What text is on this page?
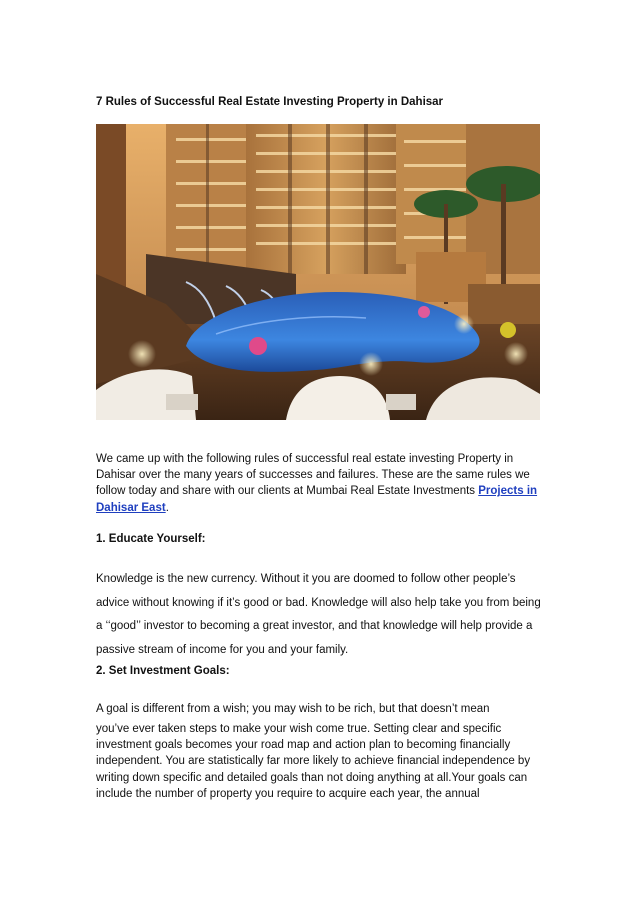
7 Rules of Successful Real Estate Investing Property in Dahisar
We came up with the following rules of successful real estate investing Property in Dahisar over the many years of successes and failures. These are the same rules we follow today and share with our clients at Mumbai Real Estate Investments Projects in Dahisar East.
1. Educate Yourself:
Knowledge is the new currency. Without it you are doomed to follow other people’s advice without knowing if it’s good or bad. Knowledge will also help take you from being a ‘‘good’’ investor to becoming a great investor, and that knowledge will help provide a passive stream of income for you and your family.
2. Set Investment Goals:
A goal is different from a wish; you may wish to be rich, but that doesn’t mean
you’ve ever taken steps to make your wish come true. Setting clear and specific investment goals becomes your road map and action plan to becoming financially independent. You are statistically far more likely to achieve financial independence by writing down specific and detailed goals than not doing anything at all.Your goals can include the number of property you require to acquire each year, the annual
